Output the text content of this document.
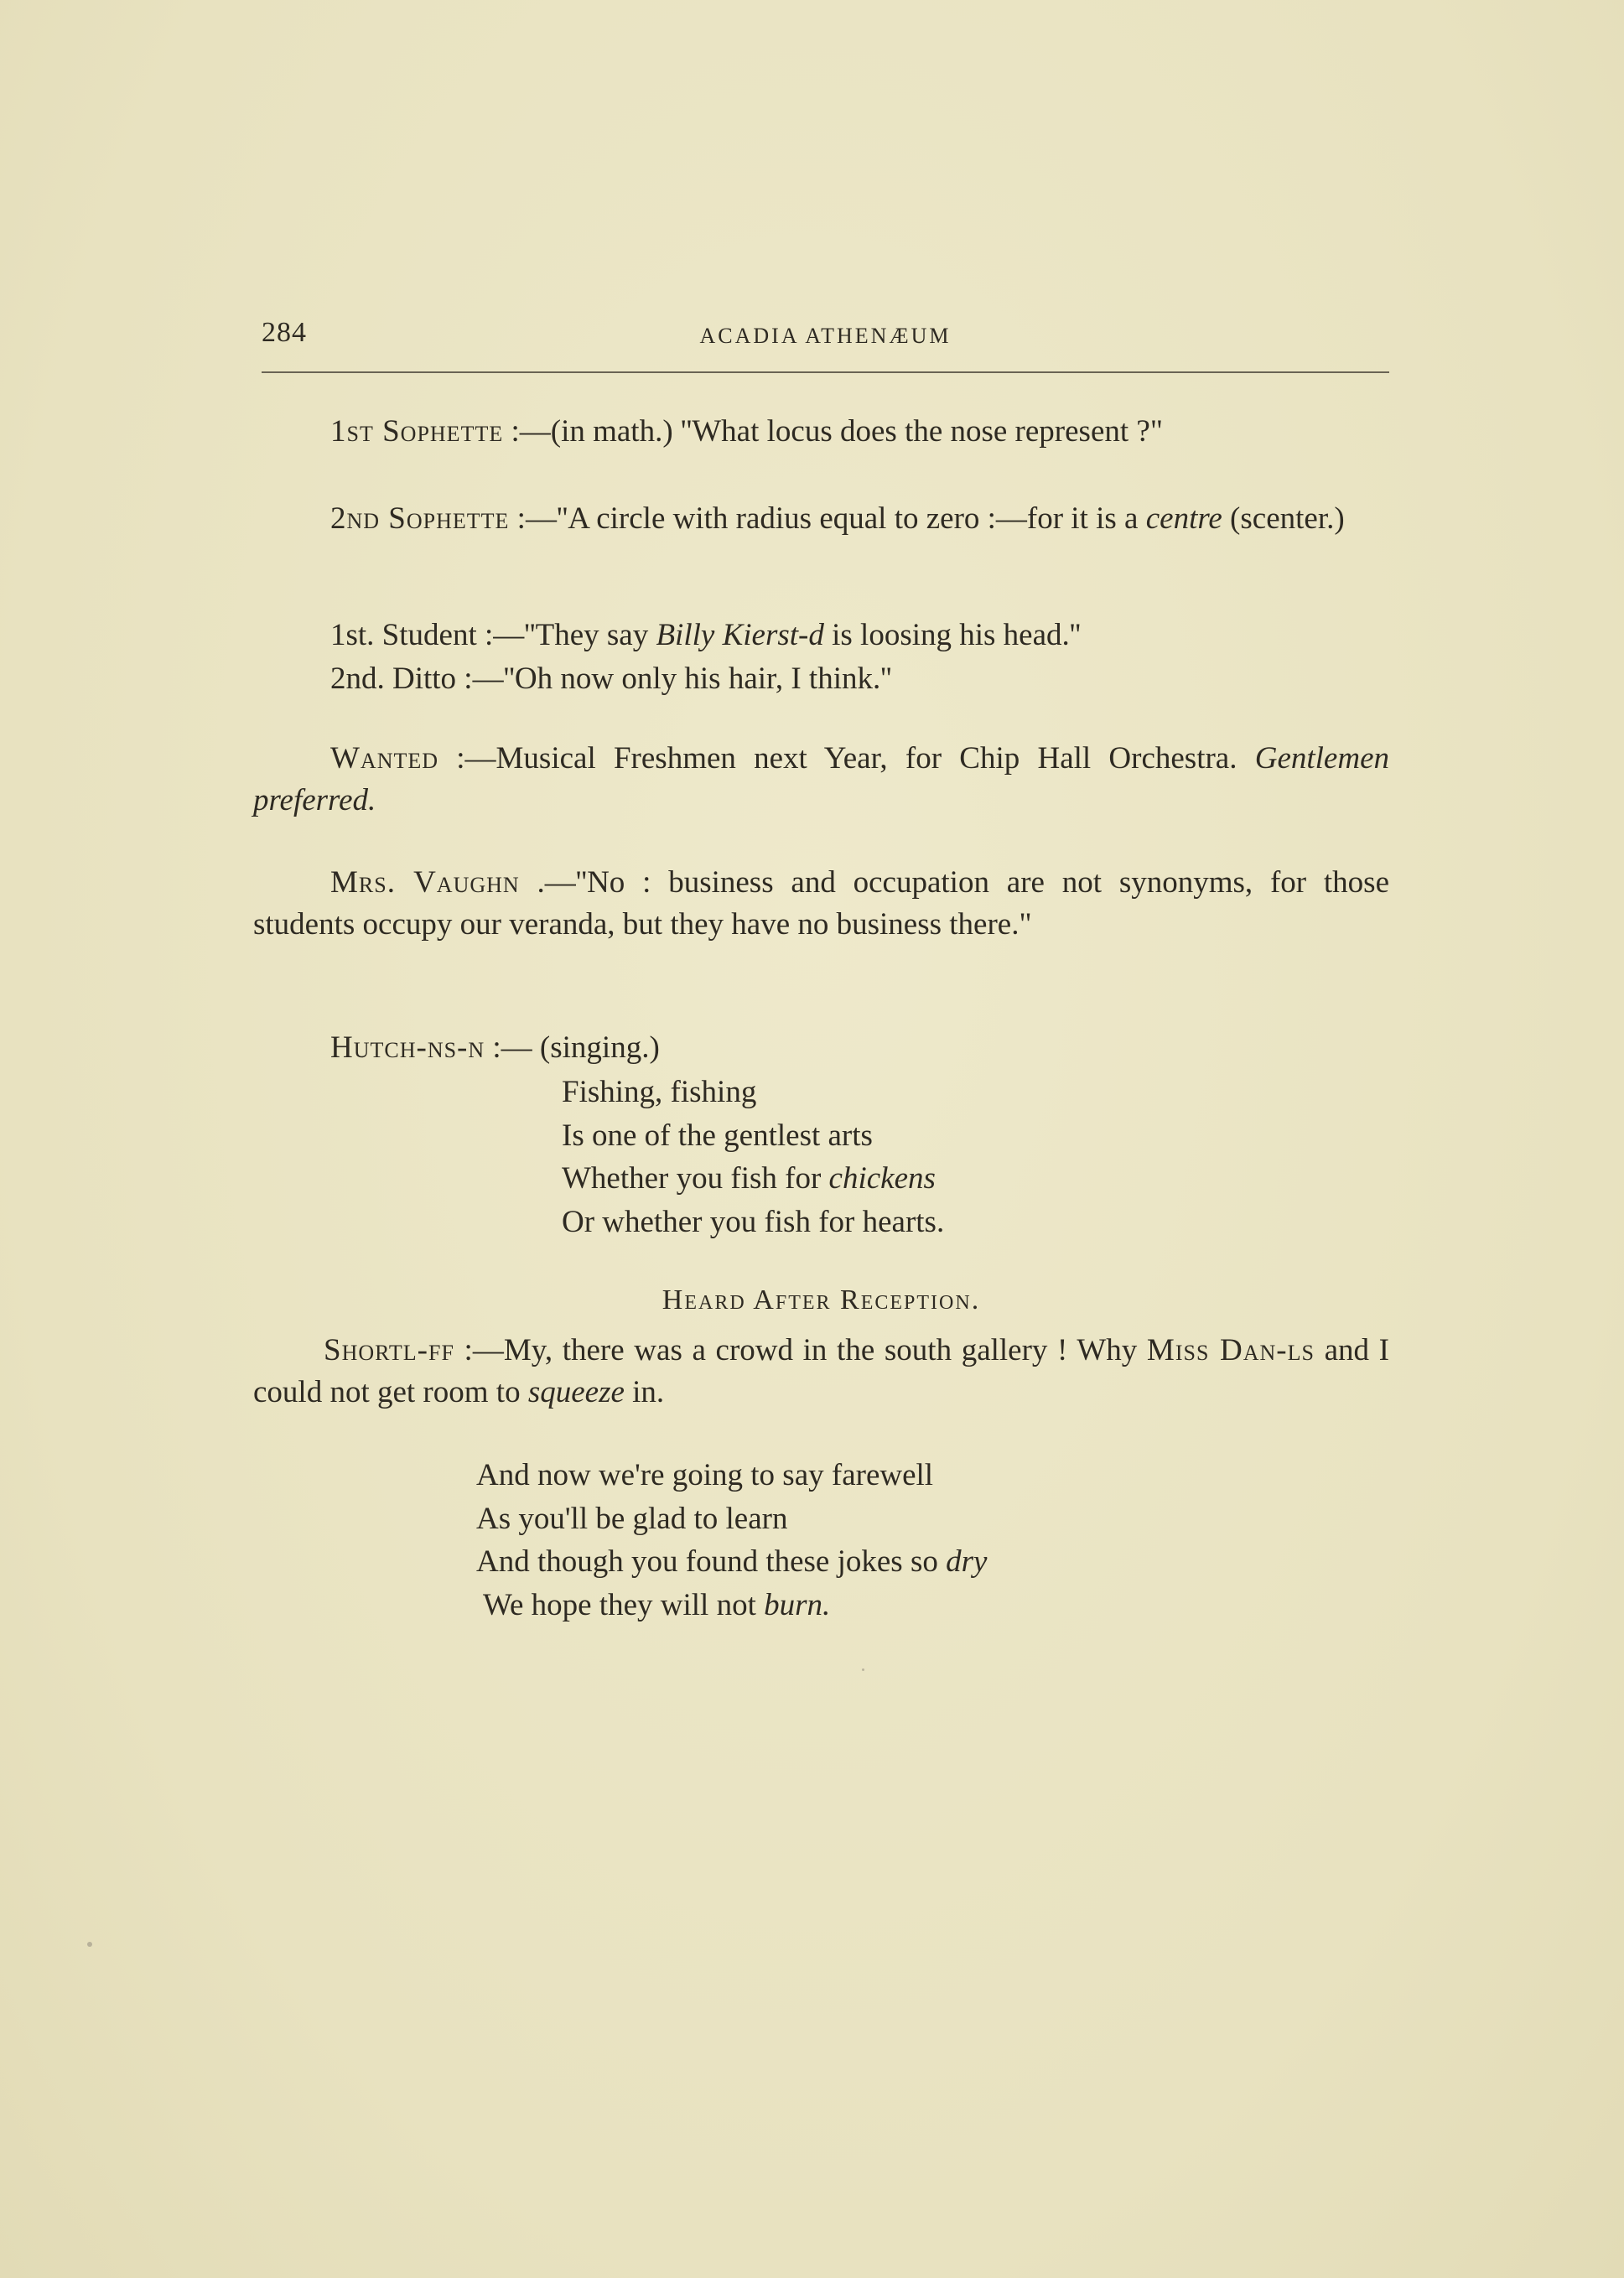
284	ACADIA ATHENÆUM

1st Sophette :—(in math.) ''What locus does the nose represent ?"

2nd Sophette :—''A circle with radius equal to zero :—for it is a centre (scenter.)

1st. Student :—''They say Billy Kierst-d is loosing his head.''

2nd. Ditto :—''Oh now only his hair, I think.''

Wanted :—Musical Freshmen next Year, for Chip Hall Orchestra. Gentlemen preferred.

Mrs. Vaughn .—''No : business and occupation are not synonyms, for those students occupy our veranda, but they have no business there."

Hutch-ns-n :— (singing.)

Fishing, fishing
Is one of the gentlest arts
Whether you fish for chickens
Or whether you fish for hearts.
Heard After Reception.

Shortl-ff :—My, there was a crowd in the south gallery ! Why Miss Dan-ls and I could not get room to squeeze in.

And now we're going to say farewell
As you'll be glad to learn
And though you found these jokes so dry
We hope they will not burn.
